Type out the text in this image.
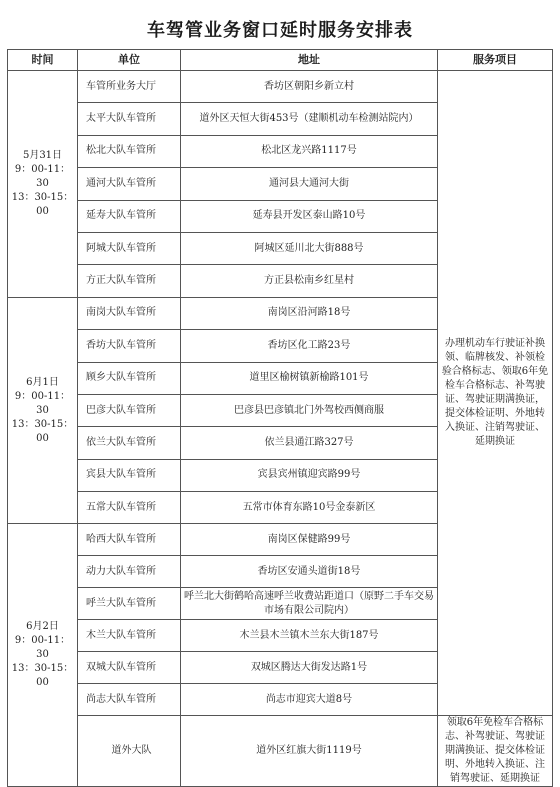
车驾管业务窗口延时服务安排表
时间	单位	地址	服务项目
5月31日
9：00-11：30
13：30-15：00	车管所业务大厅	香坊区朝阳乡新立村	办理机动车行驶证补换领、临牌核发、补领检验合格标志、领取6年免检车合格标志、补驾驶证、驾驶证期满换证，提交体检证明、外地转入换证、注销驾驶证、延期换证
	太平大队车管所	道外区天恒大街453号（建顺机动车检测站院内）	
	松北大队车管所	松北区龙兴路1117号	
	通河大队车管所	通河县大通河大街	
	延寿大队车管所	延寿县开发区泰山路10号	
	阿城大队车管所	阿城区延川北大街888号	
	方正大队车管所	方正县松南乡红星村	
6月1日
9：00-11：30
13：30-15：00	南岗大队车管所	南岗区沿河路18号	
	香坊大队车管所	香坊区化工路23号	
	顾乡大队车管所	道里区榆树镇新榆路101号	
	巴彦大队车管所	巴彦县巴彦镇北门外驾校西侧商服	
	依兰大队车管所	依兰县通江路327号	
	宾县大队车管所	宾县宾州镇迎宾路99号	
	五常大队车管所	五常市体育东路10号金泰新区	
6月2日
9：00-11：30
13：30-15：00	哈西大队车管所	南岗区保健路99号	
	动力大队车管所	香坊区安通头道街18号	
	呼兰大队车管所	呼兰北大街鹤哈高速呼兰收费站距道口（原野二手车交易市场有限公司院内）	
	木兰大队车管所	木兰县木兰镇木兰东大街187号	
	双城大队车管所	双城区腾达大街发达路1号	
	尚志大队车管所	尚志市迎宾大道8号	
	道外大队	道外区红旗大街1119号	领取6年免检车合格标志、补驾驶证、驾驶证期满换证、提交体检证明、外地转入换证、注销驾驶证、延期换证
